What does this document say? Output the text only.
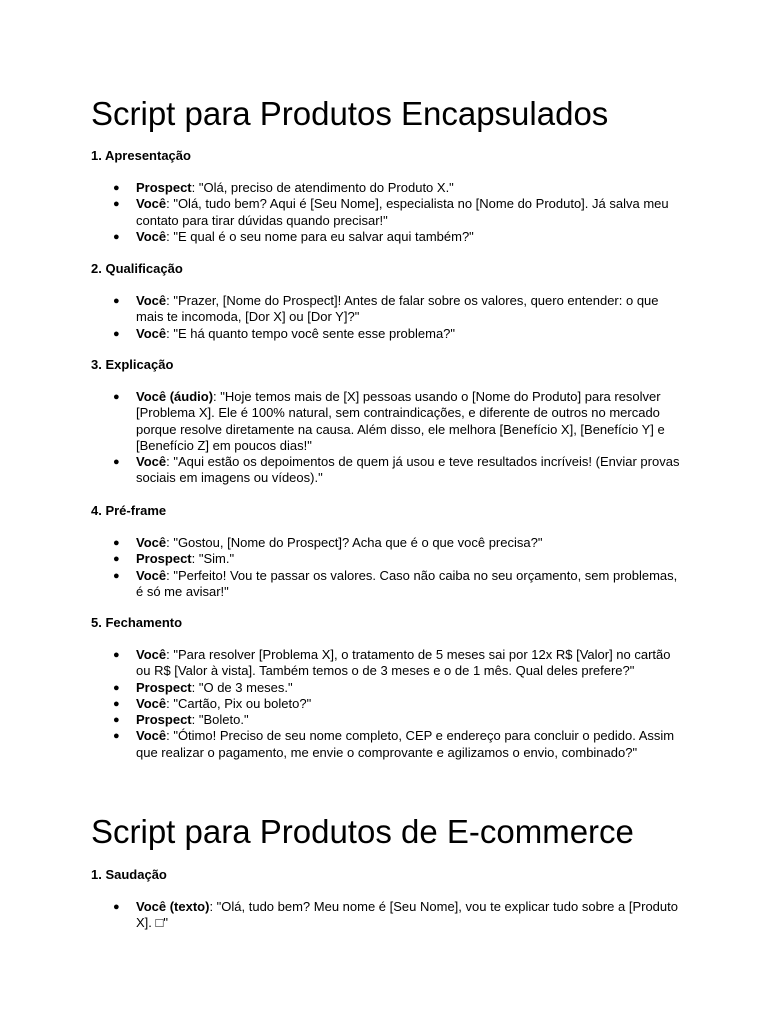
Script para Produtos Encapsulados
1. Apresentação
● Prospect: "Olá, preciso de atendimento do Produto X."
● Você: "Olá, tudo bem? Aqui é [Seu Nome], especialista no [Nome do Produto]. Já salva meu contato para tirar dúvidas quando precisar!"
● Você: "E qual é o seu nome para eu salvar aqui também?"
2. Qualificação
● Você: "Prazer, [Nome do Prospect]! Antes de falar sobre os valores, quero entender: o que mais te incomoda, [Dor X] ou [Dor Y]?"
● Você: "E há quanto tempo você sente esse problema?"
3. Explicação
● Você (áudio): "Hoje temos mais de [X] pessoas usando o [Nome do Produto] para resolver [Problema X]. Ele é 100% natural, sem contraindicações, e diferente de outros no mercado porque resolve diretamente na causa. Além disso, ele melhora [Benefício X], [Benefício Y] e [Benefício Z] em poucos dias!"
● Você: "Aqui estão os depoimentos de quem já usou e teve resultados incríveis! (Enviar provas sociais em imagens ou vídeos)."
4. Pré-frame
● Você: "Gostou, [Nome do Prospect]? Acha que é o que você precisa?"
● Prospect: "Sim."
● Você: "Perfeito! Vou te passar os valores. Caso não caiba no seu orçamento, sem problemas, é só me avisar!"
5. Fechamento
● Você: "Para resolver [Problema X], o tratamento de 5 meses sai por 12x R$ [Valor] no cartão ou R$ [Valor à vista]. Também temos o de 3 meses e o de 1 mês. Qual deles prefere?"
● Prospect: "O de 3 meses."
● Você: "Cartão, Pix ou boleto?"
● Prospect: "Boleto."
● Você: "Ótimo! Preciso de seu nome completo, CEP e endereço para concluir o pedido. Assim que realizar o pagamento, me envie o comprovante e agilizamos o envio, combinado?"
Script para Produtos de E-commerce
1. Saudação
● Você (texto): "Olá, tudo bem? Meu nome é [Seu Nome], vou te explicar tudo sobre a [Produto X]. □"
